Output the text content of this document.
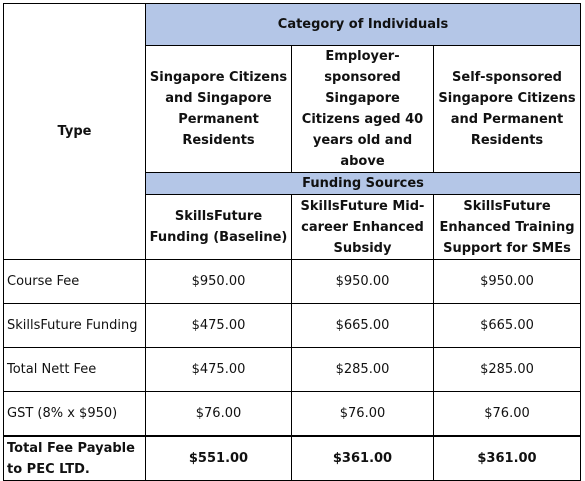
Type	Category of Individuals		
	Singapore Citizens and Singapore Permanent Residents	Employer-sponsored Singapore Citizens aged 40 years old and above	Self-sponsored Singapore Citizens and Permanent Residents
	Funding Sources		
	SkillsFuture Funding (Baseline)	SkillsFuture Mid-career Enhanced Subsidy	SkillsFuture Enhanced Training Support for SMEs
Course Fee	$950.00	$950.00	$950.00
SkillsFuture Funding	$475.00	$665.00	$665.00
Total Nett Fee	$475.00	$285.00	$285.00
GST (8% x $950)	$76.00	$76.00	$76.00
Total Fee Payable to PEC LTD.	$551.00	$361.00	$361.00
